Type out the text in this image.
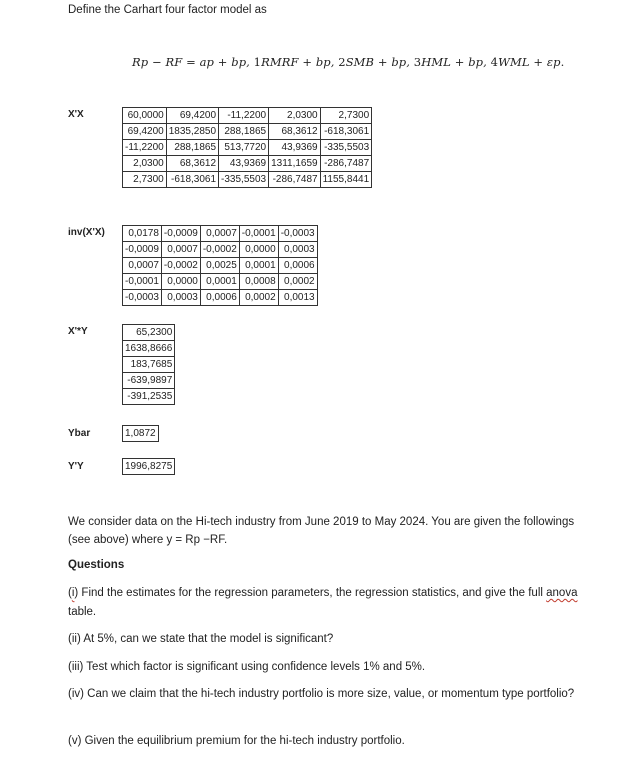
Define the Carhart four factor model as
Rp − RF = ap + bp, 1RMRF + bp, 2SMB + bp, 3HML + bp, 4WML + εp.
X'X	60,0000	69,4200	-11,2200	2,0300	2,7300
69,4200	1835,2850	288,1865	68,3612	-618,3061
-11,2200	288,1865	513,7720	43,9369	-335,5503
2,0300	68,3612	43,9369	1311,1659	-286,7487
2,7300	-618,3061	-335,5503	-286,7487	1155,8441
inv(X'X) 0,0178	-0,0009	0,0007	-0,0001	-0,0003
-0,0009	0,0007	-0,0002	0,0000	0,0003
0,0007	-0,0002	0,0025	0,0001	0,0006
-0,0001	0,0000	0,0001	0,0008	0,0002
-0,0003	0,0003	0,0006	0,0002	0,0013
X'*Y	65,2300
1638,8666
183,7685
-639,9897
-391,2535
Ybar	1,0872
Y'Y	1996,8275
We consider data on the Hi-tech industry from June 2019 to May 2024. You are given the followings (see above) where y = Rp −RF.
Questions
(i) Find the estimates for the regression parameters, the regression statistics, and give the full anova table.
(ii) At 5%, can we state that the model is significant?
(iii) Test which factor is significant using confidence levels 1% and 5%.
(iv) Can we claim that the hi-tech industry portfolio is more size, value, or momentum type portfolio?
(v) Given the equilibrium premium for the hi-tech industry portfolio.
